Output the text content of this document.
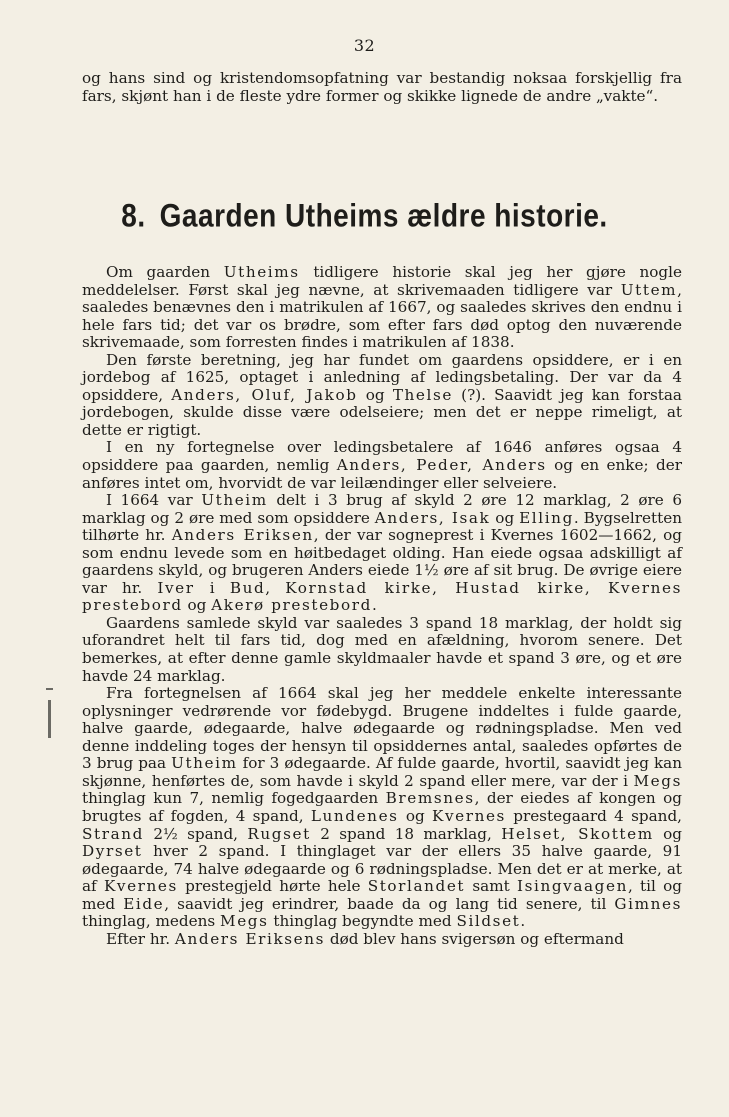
32
og hans sind og kristendomsopfatning var bestandig noksaa forskjellig fra fars, skjønt han i de fleste ydre former og skikke lignede de andre „vakte“.
8. Gaarden Utheims ældre historie.

Om gaarden Utheims tidligere historie skal jeg her gjøre nogle meddelelser. Først skal jeg nævne, at skrivemaaden tidligere var Uttem, saaledes benævnes den i matrikulen af 1667, og saaledes skrives den endnu i hele fars tid; det var os brødre, som efter fars død optog den nuværende skrivemaade, som forresten findes i matrikulen af 1838.

Den første beretning, jeg har fundet om gaardens opsiddere, er i en jordebog af 1625, optaget i anledning af ledingsbetaling. Der var da 4 opsiddere, Anders, Oluf, Jakob og Thelse (?). Saavidt jeg kan forstaa jordebogen, skulde disse være odelseiere; men det er neppe rimeligt, at dette er rigtigt.

I en ny fortegnelse over ledingsbetalere af 1646 anføres ogsaa 4 opsiddere paa gaarden, nemlig Anders, Peder, Anders og en enke; der anføres intet om, hvorvidt de var leilændinger eller selveiere.

I 1664 var Utheim delt i 3 brug af skyld 2 øre 12 marklag, 2 øre 6 marklag og 2 øre med som opsiddere Anders, Isak og Elling. Bygselretten tilhørte hr. Anders Eriksen, der var sogneprest i Kvernes 1602—1662, og som endnu levede som en høitbedaget olding. Han eiede ogsaa adskilligt af gaardens skyld, og brugeren Anders eiede 1½ øre af sit brug. De øvrige eiere var hr. Iver i Bud, Kornstad kirke, Hustad kirke, Kvernes prestebord og Akerø prestebord.

Gaardens samlede skyld var saaledes 3 spand 18 marklag, der holdt sig uforandret helt til fars tid, dog med en afældning, hvorom senere. Det bemerkes, at efter denne gamle skyldmaaler havde et spand 3 øre, og et øre havde 24 marklag.

Fra fortegnelsen af 1664 skal jeg her meddele enkelte interessante oplysninger vedrørende vor fødebygd. Brugene inddeltes i fulde gaarde, halve gaarde, ødegaarde, halve ødegaarde og rødningspladse. Men ved denne inddeling toges der hensyn til opsiddernes antal, saaledes opførtes de 3 brug paa Utheim for 3 ødegaarde. Af fulde gaarde, hvortil, saavidt jeg kan skjønne, henførtes de, som havde i skyld 2 spand eller mere, var der i Megs thinglag kun 7, nemlig fogedgaarden Bremsnes, der eiedes af kongen og brugtes af fogden, 4 spand, Lundenes og Kvernes prestegaard 4 spand, Strand 2½ spand, Rugset 2 spand 18 marklag, Helset, Skottem og Dyrset hver 2 spand. I thinglaget var der ellers 35 halve gaarde, 91 ødegaarde, 74 halve ødegaarde og 6 rødningspladse. Men det er at merke, at af Kvernes prestegjeld hørte hele Storlandet samt Isingvaagen, til og med Eide, saavidt jeg erindrer, baade da og lang tid senere, til Gimnes thinglag, medens Megs thinglag begyndte med Sildset.

Efter hr. Anders Eriksens død blev hans svigersøn og eftermand
